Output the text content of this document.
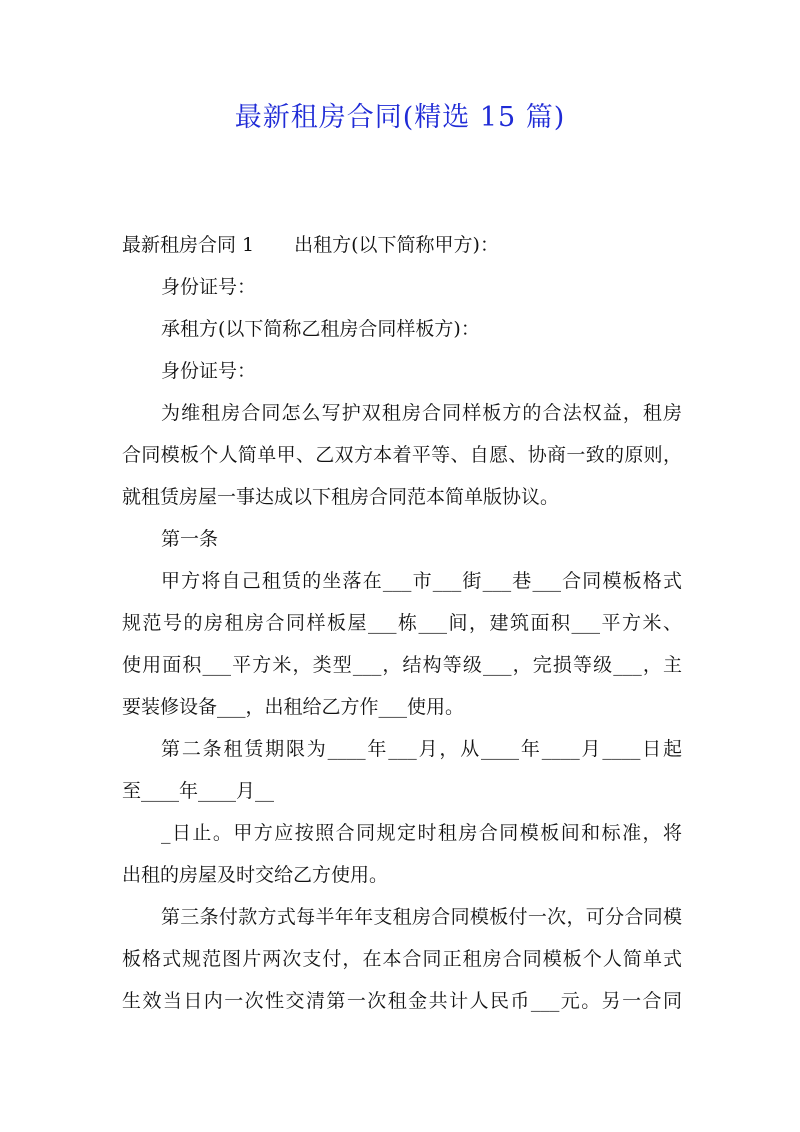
最新租房合同(精选 15 篇)
最新租房合同 1 出租方(以下简称甲方)：
身份证号：
承租方(以下简称乙租房合同样板方)：
身份证号：
为维租房合同怎么写护双租房合同样板方的合法权益，租房
合同模板个人简单甲、乙双方本着平等、自愿、协商一致的原则，
就租赁房屋一事达成以下租房合同范本简单版协议。
第一条
甲方将自己租赁的坐落在___市___街___巷___合同模板格式
规范号的房租房合同样板屋___栋___间，建筑面积___平方米、
使用面积___平方米，类型___，结构等级___，完损等级___，主
要装修设备___，出租给乙方作___使用。
第二条租赁期限为____年___月，从____年____月____日起
至____年____月__
_日止。甲方应按照合同规定时租房合同模板间和标准，将
出租的房屋及时交给乙方使用。
第三条付款方式每半年年支租房合同模板付一次，可分合同模
板格式规范图片两次支付，在本合同正租房合同模板个人简单式
生效当日内一次性交清第一次租金共计人民币___元。另一合同
